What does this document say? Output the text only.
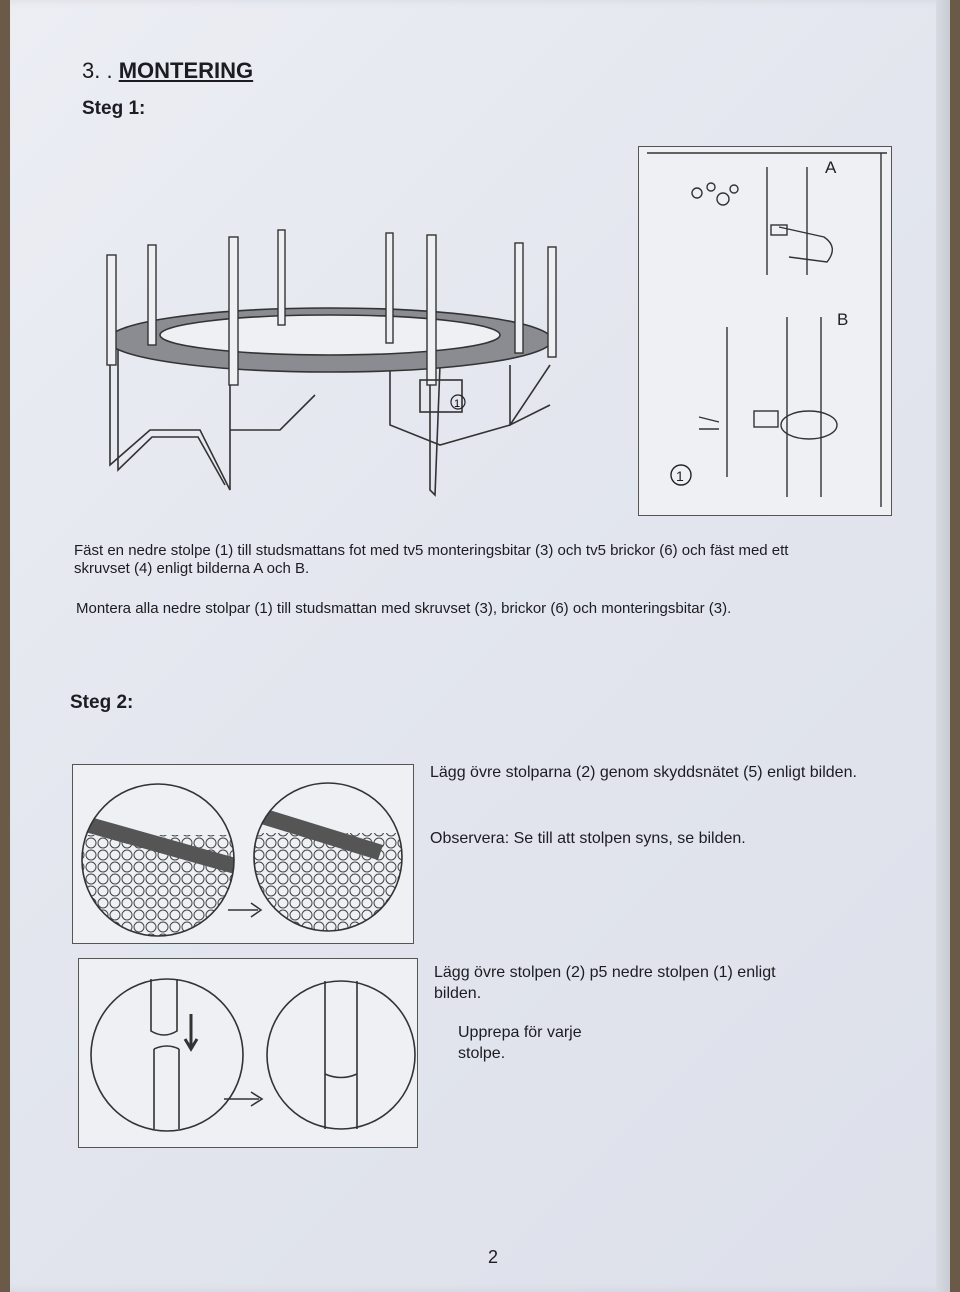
3. . MONTERING
Steg 1:
1
A
B
1
Fäst en nedre stolpe (1) till studsmattans fot med tv5 monteringsbitar (3) och tv5 brickor (6) och fäst med ett skruvset (4) enligt bilderna A och B.
Montera alla nedre stolpar (1) till studsmattan med skruvset (3), brickor (6) och monteringsbitar (3).
Steg 2:
Lägg övre stolparna (2) genom skyddsnätet (5) enligt bilden.
Observera: Se till att stolpen syns, se bilden.
Lägg övre stolpen (2) p5 nedre stolpen (1) enligt bilden.
Upprepa för varje stolpe.
2
